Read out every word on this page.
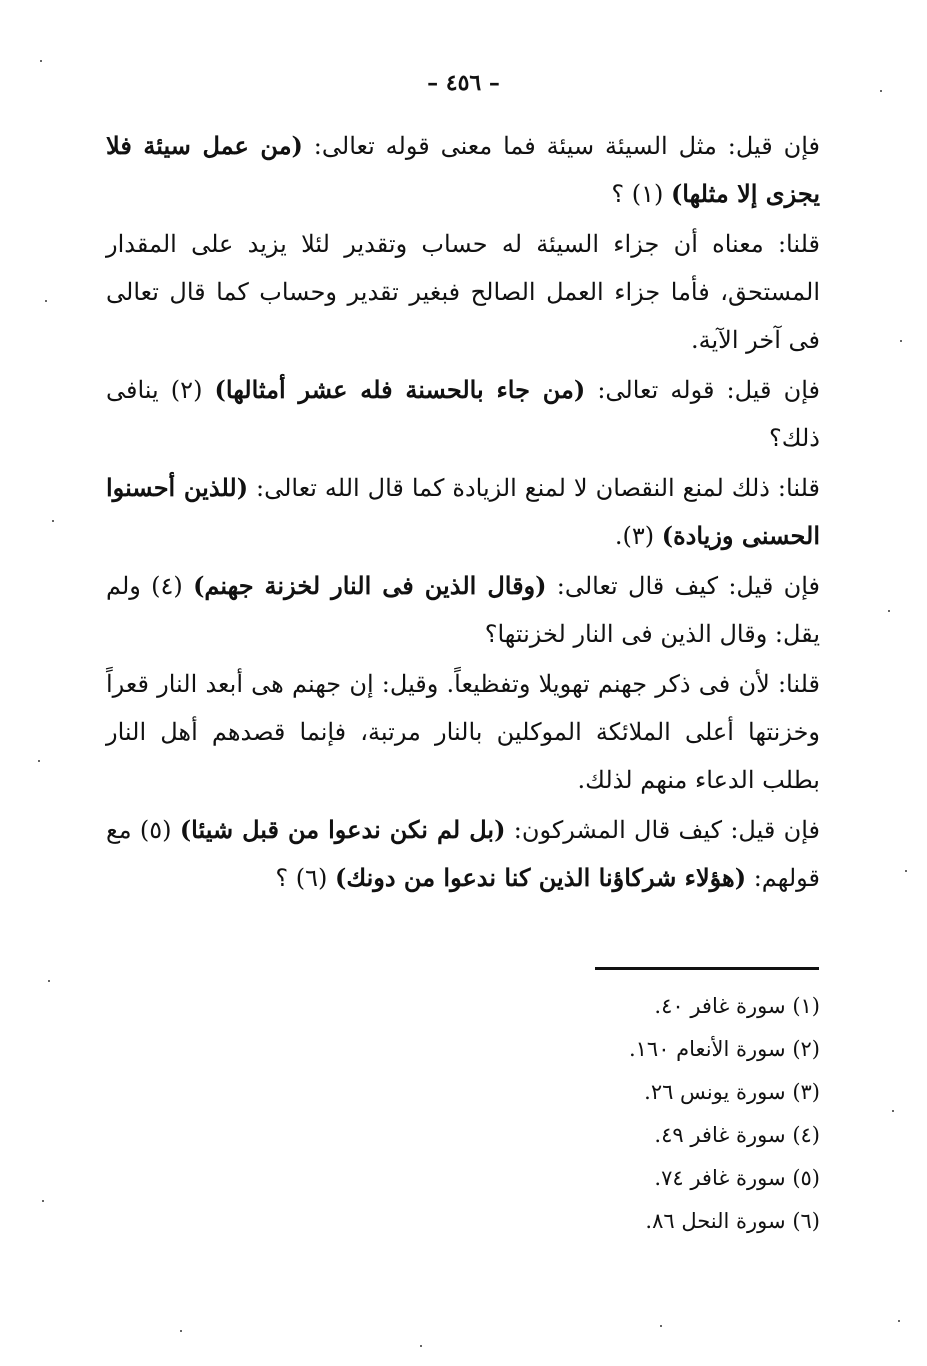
– ٤٥٦ –

فإن قيل: مثل السيئة سيئة فما معنى قوله تعالى: (من عمل سيئة فلا يجزى إلا مثلها) (١) ؟

قلنا: معناه أن جزاء السيئة له حساب وتقدير لئلا يزيد على المقدار المستحق، فأما جزاء العمل الصالح فبغير تقدير وحساب كما قال تعالى فى آخر الآية.

فإن قيل: قوله تعالى: (من جاء بالحسنة فله عشر أمثالها) (٢) ينافى ذلك؟

قلنا: ذلك لمنع النقصان لا لمنع الزيادة كما قال الله تعالى: (للذين أحسنوا الحسنى وزيادة) (٣).

فإن قيل: كيف قال تعالى: (وقال الذين فى النار لخزنة جهنم) (٤) ولم يقل: وقال الذين فى النار لخزنتها؟

قلنا: لأن فى ذكر جهنم تهويلا وتفظيعاً. وقيل: إن جهنم هى أبعد النار قعراً وخزنتها أعلى الملائكة الموكلين بالنار مرتبة، فإنما قصدهم أهل النار بطلب الدعاء منهم لذلك.

فإن قيل: كيف قال المشركون: (بل لم نكن ندعوا من قبل شيئا) (٥) مع قولهم: (هؤلاء شركاؤنا الذين كنا ندعوا من دونك) (٦) ؟

(١) سورة غافر ٤٠.
(٢) سورة الأنعام ١٦٠.
(٣) سورة يونس ٢٦.
(٤) سورة غافر ٤٩.
(٥) سورة غافر ٧٤.
(٦) سورة النحل ٨٦.
